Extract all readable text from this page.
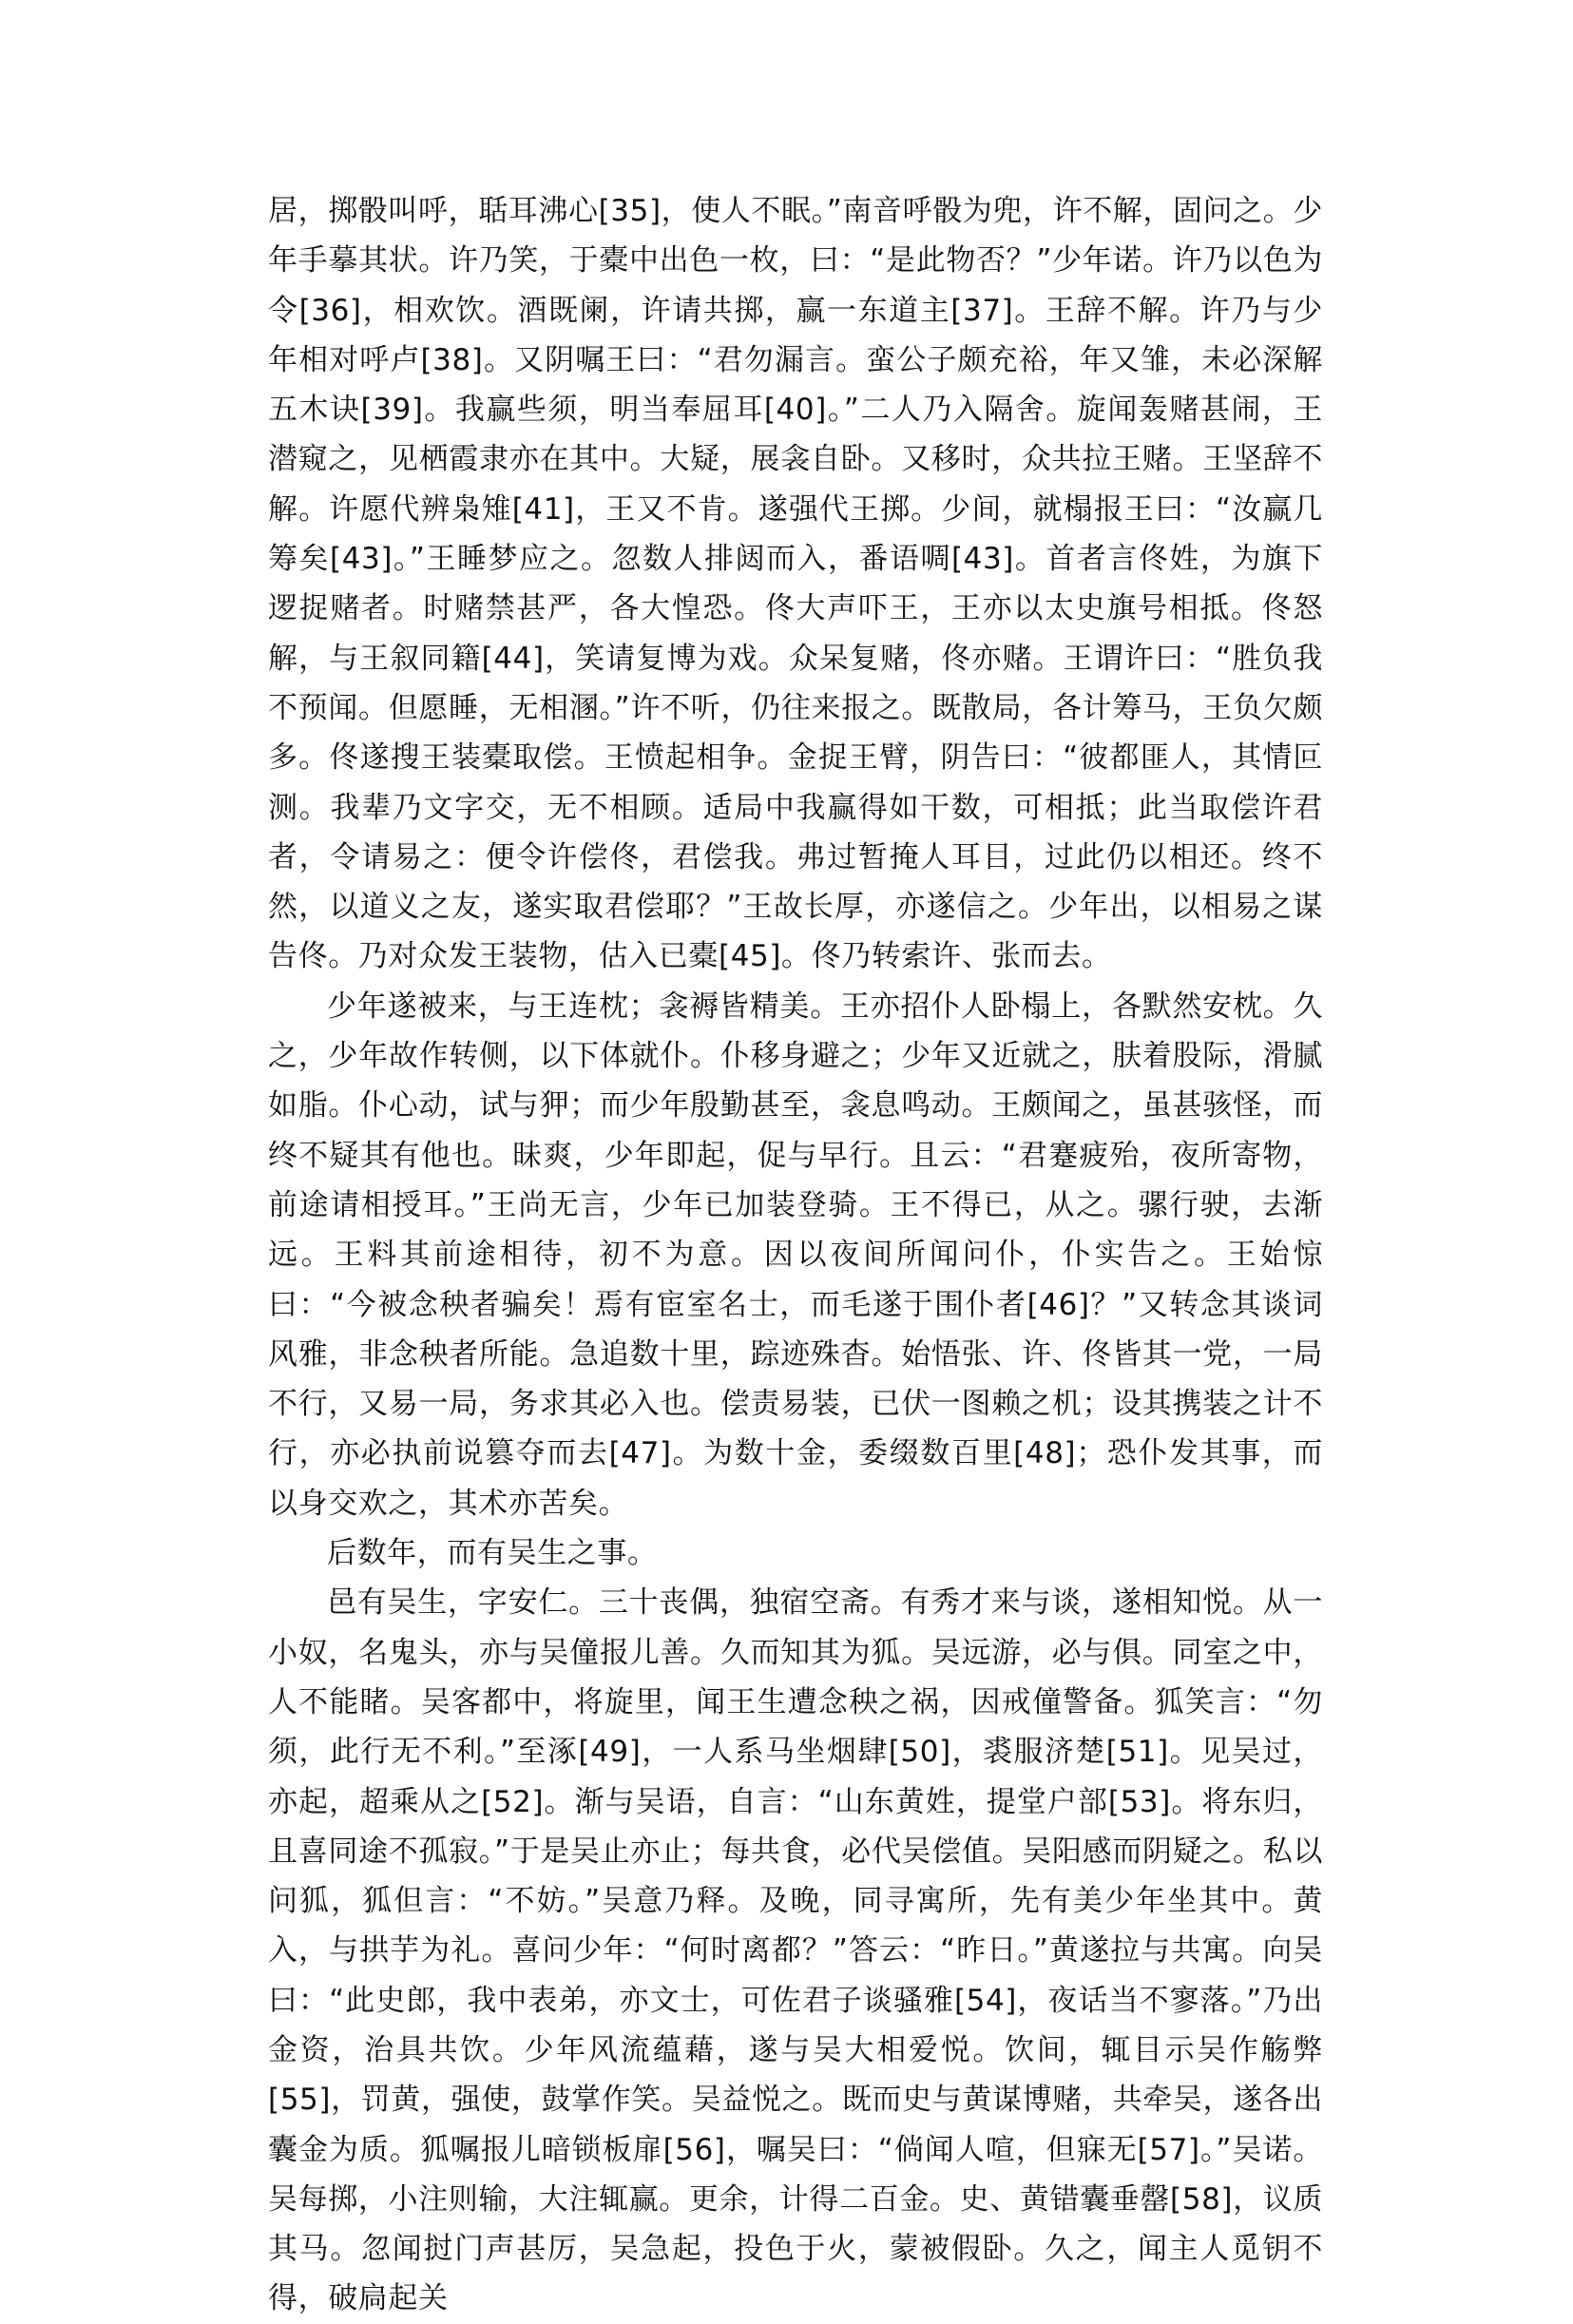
居，掷骰叫呼，聒耳沸心[35]，使人不眠。”南音呼骰为兜，许不解，固问之。少年手摹其状。许乃笑，于橐中出色一枚，曰：“是此物否？”少年诺。许乃以色为令[36]，相欢饮。酒既阑，许请共掷，赢一东道主[37]。王辞不解。许乃与少年相对呼卢[38]。又阴嘱王曰：“君勿漏言。蛮公子颇充裕，年又雏，未必深解五木诀[39]。我赢些须，明当奉屈耳[40]。”二人乃入隔舍。旋闻轰赌甚闹，王潜窥之，见栖霞隶亦在其中。大疑，展衾自卧。又移时，众共拉王赌。王坚辞不解。许愿代辨枭雉[41]，王又不肯。遂强代王掷。少间，就榻报王曰：“汝赢几筹矣[43]。”王睡梦应之。忽数人排闼而入，番语啁[43]。首者言佟姓，为旗下逻捉赌者。时赌禁甚严，各大惶恐。佟大声吓王，王亦以太史旗号相抵。佟怒解，与王叙同籍[44]，笑请复博为戏。众呆复赌，佟亦赌。王谓许曰：“胜负我不预闻。但愿睡，无相溷。”许不听，仍往来报之。既散局，各计筹马，王负欠颇多。佟遂搜王装橐取偿。王愤起相争。金捉王臂，阴告曰：“彼都匪人，其情叵测。我辈乃文字交，无不相顾。适局中我赢得如干数，可相抵；此当取偿许君者，令请易之：便令许偿佟，君偿我。弗过暂掩人耳目，过此仍以相还。终不然，以道义之友，遂实取君偿耶？”王故长厚，亦遂信之。少年出，以相易之谋告佟。乃对众发王装物，估入已橐[45]。佟乃转索许、张而去。

少年遂被来，与王连枕；衾褥皆精美。王亦招仆人卧榻上，各默然安枕。久之，少年故作转侧，以下体就仆。仆移身避之；少年又近就之，肤着股际，滑腻如脂。仆心动，试与狎；而少年殷勤甚至，衾息鸣动。王颇闻之，虽甚骇怪，而终不疑其有他也。昧爽，少年即起，促与早行。且云：“君蹇疲殆，夜所寄物，前途请相授耳。”王尚无言，少年已加装登骑。王不得已，从之。骡行驶，去渐远。王料其前途相待，初不为意。因以夜间所闻问仆，仆实告之。王始惊曰：“今被念秧者骗矣！焉有宦室名士，而毛遂于围仆者[46]？”又转念其谈词风雅，非念秧者所能。急追数十里，踪迹殊杳。始悟张、许、佟皆其一党，一局不行，又易一局，务求其必入也。偿责易装，已伏一图赖之机；设其携装之计不行，亦必执前说篡夺而去[47]。为数十金，委缀数百里[48]；恐仆发其事，而以身交欢之，其术亦苦矣。

后数年，而有吴生之事。

邑有吴生，字安仁。三十丧偶，独宿空斋。有秀才来与谈，遂相知悦。从一小奴，名鬼头，亦与吴僮报儿善。久而知其为狐。吴远游，必与俱。同室之中，人不能睹。吴客都中，将旋里，闻王生遭念秧之祸，因戒僮警备。狐笑言：“勿须，此行无不利。”至涿[49]，一人系马坐烟肆[50]，裘服济楚[51]。见吴过，亦起，超乘从之[52]。渐与吴语，自言：“山东黄姓，提堂户部[53]。将东归，且喜同途不孤寂。”于是吴止亦止；每共食，必代吴偿值。吴阳感而阴疑之。私以问狐，狐但言：“不妨。”吴意乃释。及晚，同寻寓所，先有美少年坐其中。黄入，与拱芋为礼。喜问少年：“何时离都？”答云：“昨日。”黄遂拉与共寓。向吴曰：“此史郎，我中表弟，亦文士，可佐君子谈骚雅[54]，夜话当不寥落。”乃出金资，治具共饮。少年风流蕴藉，遂与吴大相爱悦。饮间，辄目示吴作觞弊[55]，罚黄，强使，鼓掌作笑。吴益悦之。既而史与黄谋博赌，共牵吴，遂各出囊金为质。狐嘱报儿暗锁板扉[56]，嘱吴曰：“倘闻人喧，但寐无[57]。”吴诺。吴每掷，小注则输，大注辄赢。更余，计得二百金。史、黄错囊垂罄[58]，议质其马。忽闻挝门声甚厉，吴急起，投色于火，蒙被假卧。久之，闻主人觅钥不得，破扃起关
